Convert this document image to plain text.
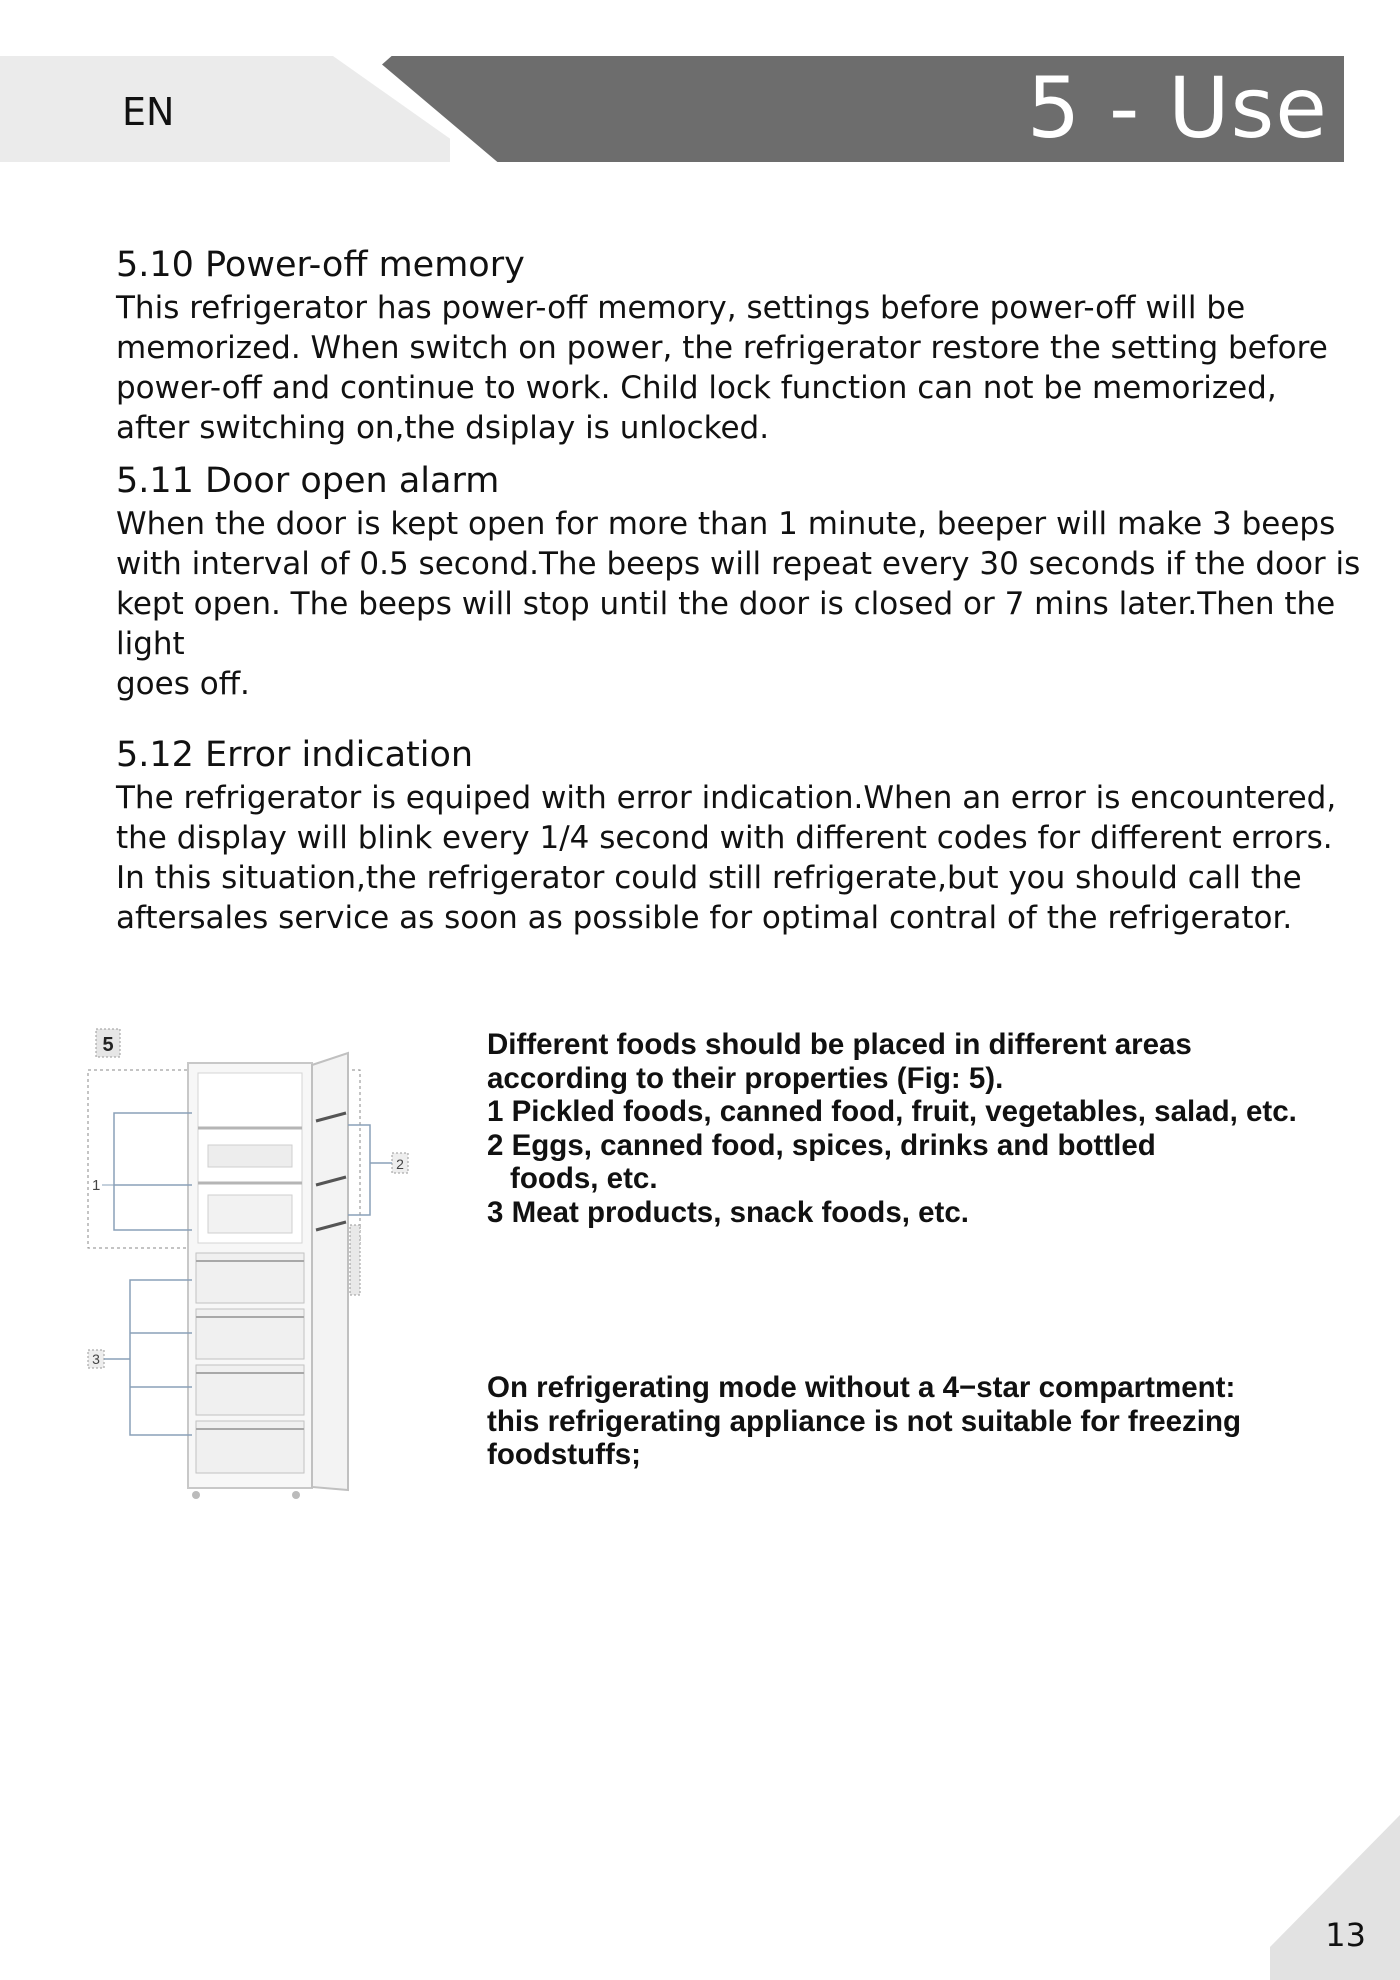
EN	5 - Use
5.10 Power-off memory
This refrigerator has power-off memory, settings before power-off will be
memorized. When switch on power, the refrigerator restore the setting before
power-off and continue to work. Child lock function can not be memorized,
after switching on,the dsiplay is unlocked.
5.11 Door open alarm
When the door is kept open for more than 1 minute, beeper will make 3 beeps
with interval of 0.5 second.The beeps will repeat every 30 seconds if the door is
kept open. The beeps will stop until the door is closed or 7 mins later.Then the light
goes off.
5.12 Error indication
The refrigerator is equiped with error indication.When an error is encountered,
the display will blink every 1/4 second with different codes for different errors.
In this situation,the refrigerator could still refrigerate,but you should call the
aftersales service as soon as possible for optimal contral of the refrigerator.
5
1
2
3
Different foods should be placed in different areas
according to their properties (Fig: 5).
1 Pickled foods, canned food, fruit, vegetables, salad, etc.
2 Eggs, canned food, spices, drinks and bottled
foods, etc.
3 Meat products, snack foods, etc.
On refrigerating mode without a 4−star compartment:
this refrigerating appliance is not suitable for freezing
foodstuffs;
13
